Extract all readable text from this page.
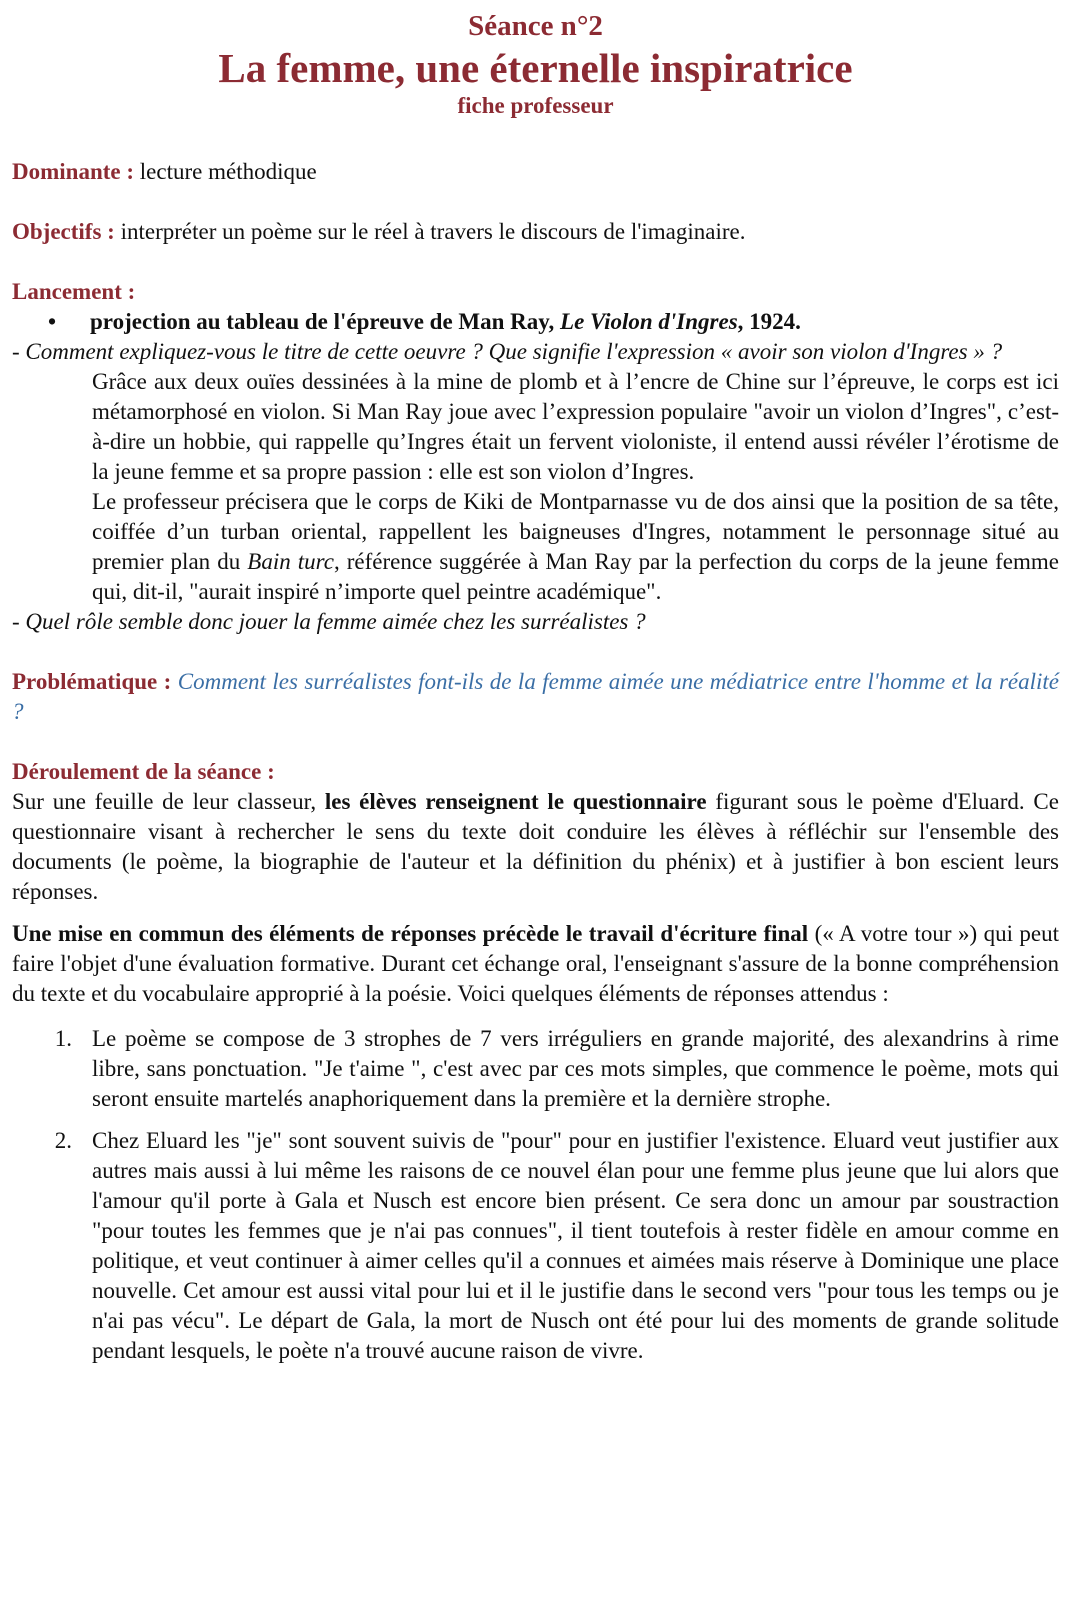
Séance n°2
La femme, une éternelle inspiratrice
fiche professeur
Dominante : lecture méthodique
Objectifs : interpréter un poème sur le réel à travers le discours de l'imaginaire.
Lancement :
•	projection au tableau de l'épreuve de Man Ray, Le Violon d'Ingres, 1924.
- Comment expliquez-vous le titre de cette oeuvre ? Que signifie l'expression « avoir son violon d'Ingres » ?
Grâce aux deux ouïes dessinées à la mine de plomb et à l’encre de Chine sur l’épreuve, le corps est ici métamorphosé en violon. Si Man Ray joue avec l’expression populaire "avoir un violon d’Ingres", c’est-à-dire un hobbie, qui rappelle qu’Ingres était un fervent violoniste, il entend aussi révéler l’érotisme de la jeune femme et sa propre passion : elle est son violon d’Ingres.
Le professeur précisera que le corps de Kiki de Montparnasse vu de dos ainsi que la position de sa tête, coiffée d’un turban oriental, rappellent les baigneuses d'Ingres, notamment le personnage situé au premier plan du Bain turc, référence suggérée à Man Ray par la perfection du corps de la jeune femme qui, dit-il, "aurait inspiré n’importe quel peintre académique".
- Quel rôle semble donc jouer la femme aimée chez les surréalistes ?
Problématique : Comment les surréalistes font-ils de la femme aimée une médiatrice entre l'homme et la réalité ?
Déroulement de la séance :
Sur une feuille de leur classeur, les élèves renseignent le questionnaire figurant sous le poème d'Eluard. Ce questionnaire visant à rechercher le sens du texte doit conduire les élèves à réfléchir sur l'ensemble des documents (le poème, la biographie de l'auteur et la définition du phénix) et à justifier à bon escient leurs réponses.
Une mise en commun des éléments de réponses précède le travail d'écriture final (« A votre tour ») qui peut faire l'objet d'une évaluation formative. Durant cet échange oral, l'enseignant s'assure de la bonne compréhension du texte et du vocabulaire approprié à la poésie. Voici quelques éléments de réponses attendus :
1. Le poème se compose de 3 strophes de 7 vers irréguliers en grande majorité, des alexandrins à rime libre, sans ponctuation. "Je t'aime ", c'est avec par ces mots simples, que commence le poème, mots qui seront ensuite martelés anaphoriquement dans la première et la dernière strophe.
2. Chez Eluard les "je" sont souvent suivis de "pour" pour en justifier l'existence. Eluard veut justifier aux autres mais aussi à lui même les raisons de ce nouvel élan pour une femme plus jeune que lui alors que l'amour qu'il porte à Gala et Nusch est encore bien présent. Ce sera donc un amour par soustraction "pour toutes les femmes que je n'ai pas connues", il tient toutefois à rester fidèle en amour comme en politique, et veut continuer à aimer celles qu'il a connues et aimées mais réserve à Dominique une place nouvelle. Cet amour est aussi vital pour lui et il le justifie dans le second vers "pour tous les temps ou je n'ai pas vécu". Le départ de Gala, la mort de Nusch ont été pour lui des moments de grande solitude pendant lesquels, le poète n'a trouvé aucune raison de vivre.
